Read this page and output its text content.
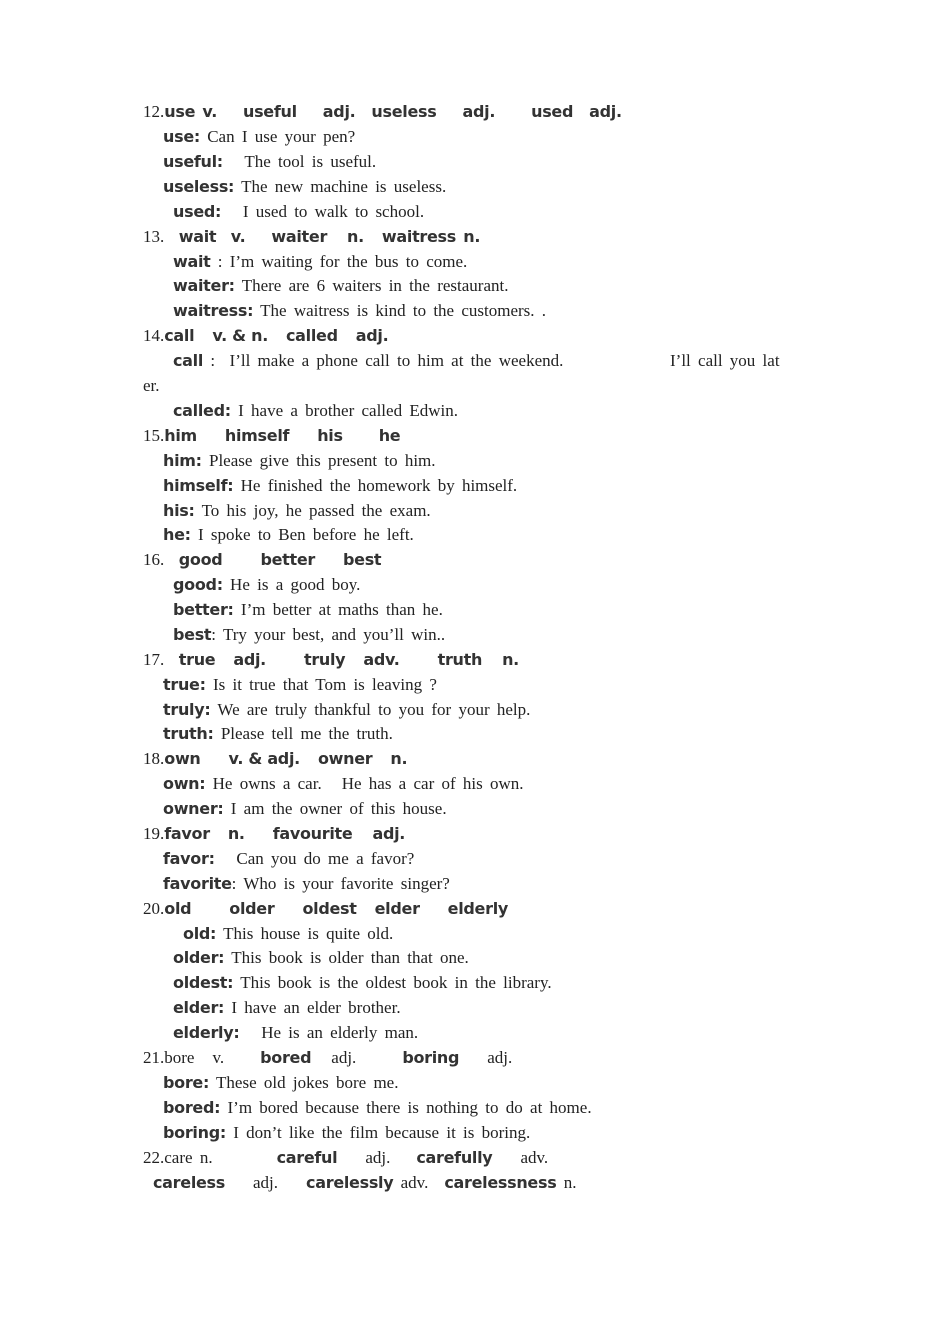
12.use v. useful adj. useless adj. used adj.
use: Can I use your pen?
useful: The tool is useful.
useless: The new machine is useless.
used: I used to walk to school.
13. wait v. waiter n. waitress n.
wait : I’m waiting for the bus to come.
waiter: There are 6 waiters in the restaurant.
waitress: The waitress is kind to the customers. .
14.call v. & n. called adj.
call :  I’ll make a phone call to him at the weekend.	I’ll call you lat
er.
called: I have a brother called Edwin.
15.him himself his he
him: Please give this present to him.
himself: He finished the homework by himself.
his: To his joy, he passed the exam.
he: I spoke to Ben before he left.
16. good better best
good: He is a good boy.
better: I’m better at maths than he.
best: Try your best, and you’ll win..
17. true adj. truly adv. truth n.
true: Is it true that Tom is leaving ?
truly: We are truly thankful to you for your help.
truth: Please tell me the truth.
18.own v. & adj. owner n.
own: He owns a car. He has a car of his own.
owner: I am the owner of this house.
19.favor n. favourite adj.
favor: Can you do me a favor?
favorite: Who is your favorite singer?
20.old older oldest elder elderly
old: This house is quite old.
older: This book is older than that one.
oldest: This book is the oldest book in the library.
elder: I have an elder brother.
elderly: He is an elderly man.
21.bore v. bored adj.	boring adj.
bore: These old jokes bore me.
bored: I’m bored because there is nothing to do at home.
boring: I don’t like the film because it is boring.
22.care n.	careful adj. carefully adv.
careless adj. carelessly adv. carelessness n.
